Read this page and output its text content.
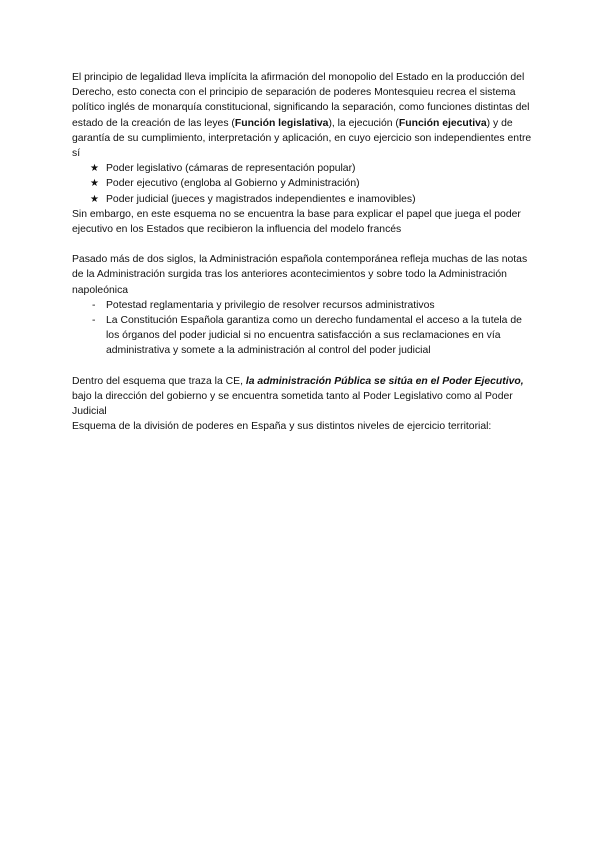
El principio de legalidad lleva implícita la afirmación del monopolio del Estado en la producción del Derecho, esto conecta con el principio de separación de poderes Montesquieu recrea el sistema político inglés de monarquía constitucional, significando la separación, como funciones distintas del estado de la creación de las leyes (Función legislativa), la ejecución (Función ejecutiva) y de garantía de su cumplimiento, interpretación y aplicación, en cuyo ejercicio son independientes entre sí

★ Poder legislativo (cámaras de representación popular)
★ Poder ejecutivo (engloba al Gobierno y Administración)
★ Poder judicial (jueces y magistrados independientes e inamovibles)

Sin embargo, en este esquema no se encuentra la base para explicar el papel que juega el poder ejecutivo en los Estados que recibieron la influencia del modelo francés

Pasado más de dos siglos, la Administración española contemporánea refleja muchas de las notas de la Administración surgida tras los anteriores acontecimientos y sobre todo la Administración napoleónica

-	Potestad reglamentaria y privilegio de resolver recursos administrativos
-	La Constitución Española garantiza como un derecho fundamental el acceso a la tutela de los órganos del poder judicial si no encuentra satisfacción a sus reclamaciones en vía administrativa y somete a la administración al control del poder judicial

Dentro del esquema que traza la CE, la administración Pública se sitúa en el Poder Ejecutivo, bajo la dirección del gobierno y se encuentra sometida tanto al Poder Legislativo como al Poder Judicial

Esquema de la división de poderes en España y sus distintos niveles de ejercicio territorial:
